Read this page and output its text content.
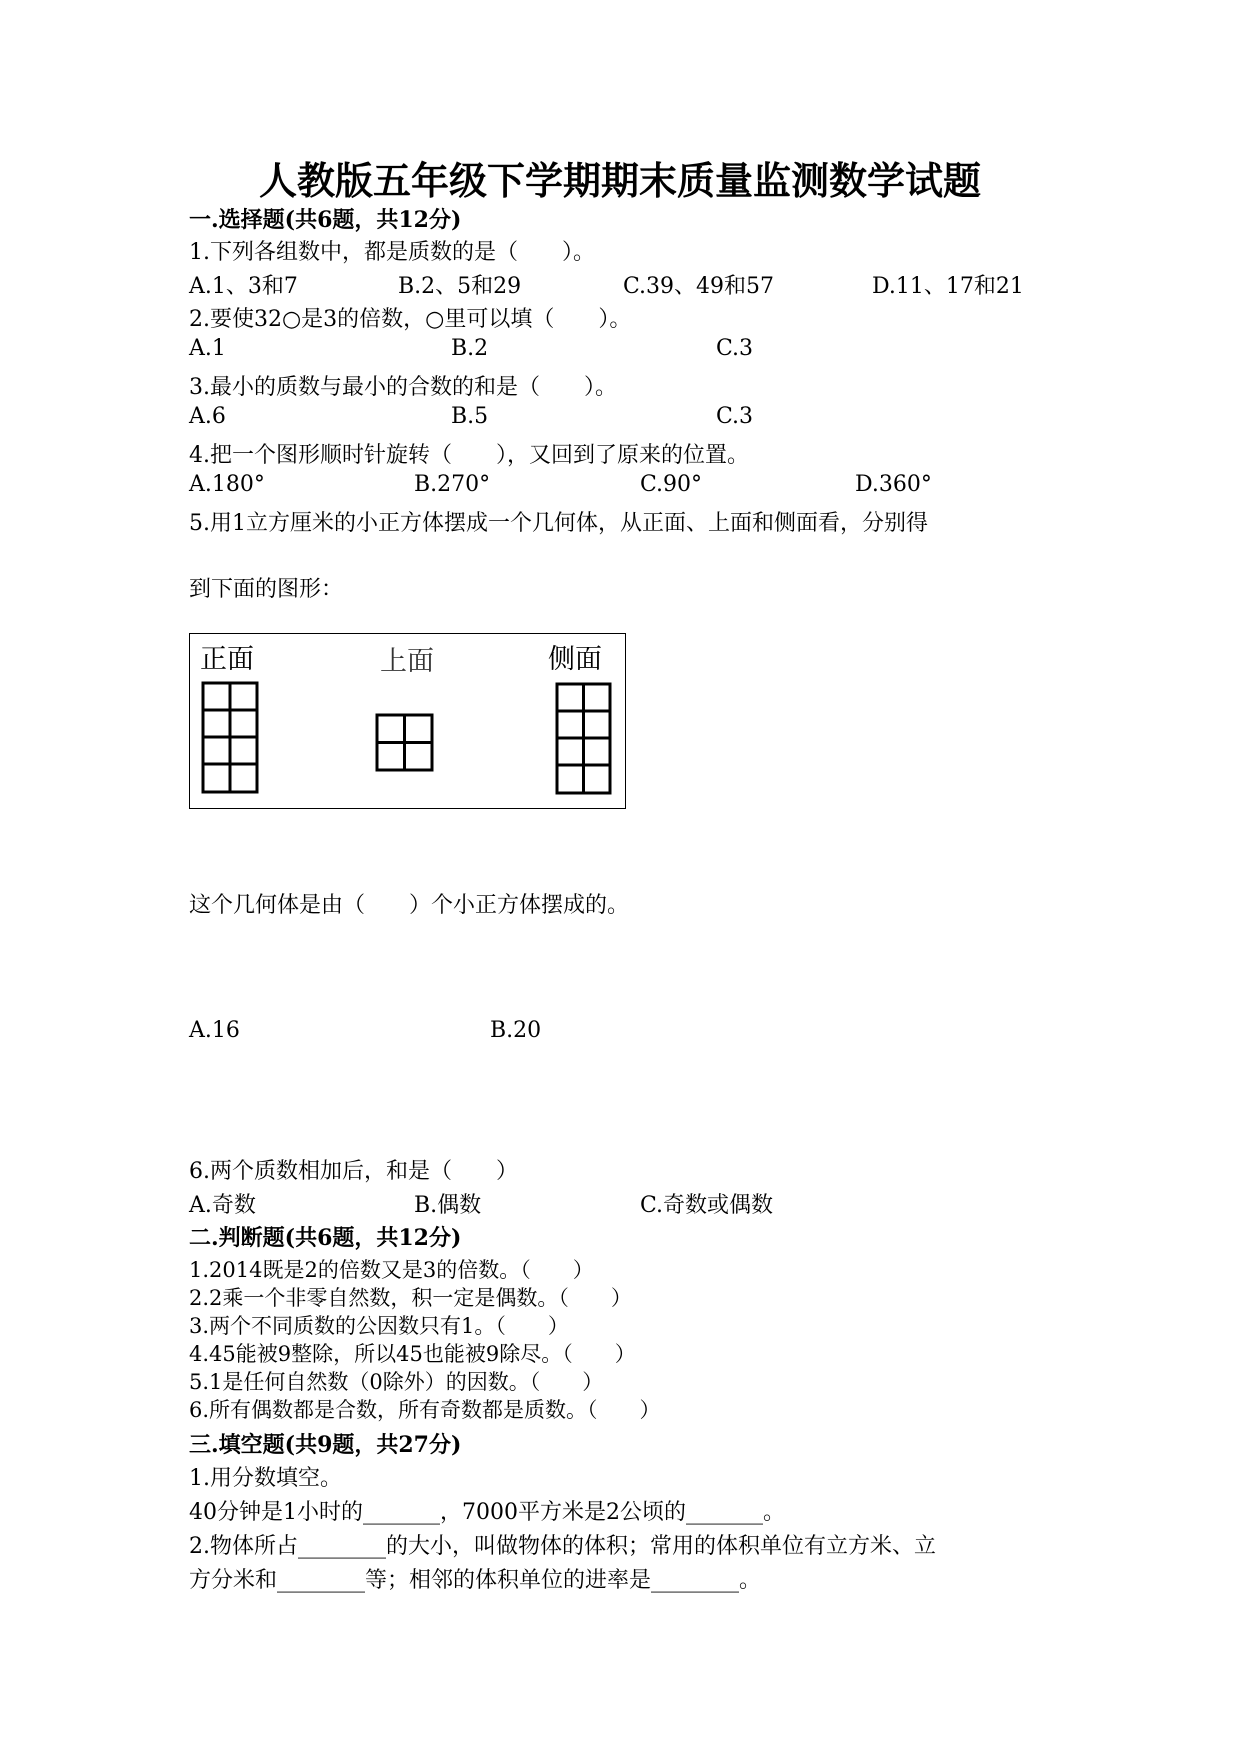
人教版五年级下学期期末质量监测数学试题
一.选择题(共6题，共12分)
1.下列各组数中，都是质数的是（　　）。
A.1、3和7	B.2、5和29	C.39、49和57	D.11、17和21
2.要使32○是3的倍数，○里可以填（　　）。
A.1	B.2	C.3
3.最小的质数与最小的合数的和是（　　）。
A.6	B.5	C.3
4.把一个图形顺时针旋转（　　），又回到了原来的位置。
A.180°	B.270°	C.90°	D.360°
5.用1立方厘米的小正方体摆成一个几何体，从正面、上面和侧面看，分别得
到下面的图形：
正面	上面	侧面
这个几何体是由（　　）个小正方体摆成的。
A.16	B.20
6.两个质数相加后，和是（　　）
A.奇数	B.偶数	C.奇数或偶数
二.判断题(共6题，共12分)
1.2014既是2的倍数又是3的倍数。（　　）
2.2乘一个非零自然数，积一定是偶数。（　　）
3.两个不同质数的公因数只有1。（　　）
4.45能被9整除，所以45也能被9除尽。（　　）
5.1是任何自然数（0除外）的因数。（　　）
6.所有偶数都是合数，所有奇数都是质数。（　　）
三.填空题(共9题，共27分)
1.用分数填空。
40分钟是1小时的_______，7000平方米是2公顷的_______。
2.物体所占________的大小，叫做物体的体积；常用的体积单位有立方米、立
方分米和________等；相邻的体积单位的进率是________。
